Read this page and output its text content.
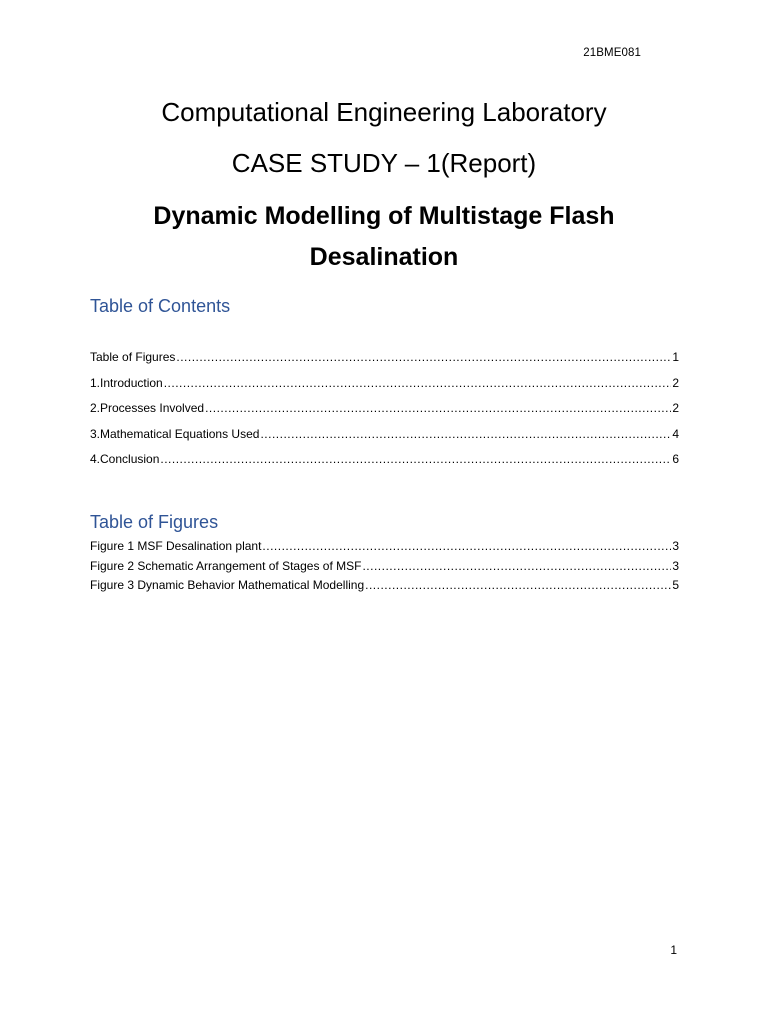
21BME081
Computational Engineering Laboratory
CASE STUDY – 1(Report)
Dynamic Modelling of Multistage Flash
Desalination
Table of Contents
Table of Figures .....	1
1.Introduction .....	2
2.Processes Involved .....	2
3.Mathematical Equations Used .....	4
4.Conclusion .....	6
Table of Figures
Figure 1 MSF Desalination plant .....	3
Figure 2 Schematic Arrangement of Stages of MSF .....	3
Figure 3 Dynamic Behavior Mathematical Modelling .....	5
1
